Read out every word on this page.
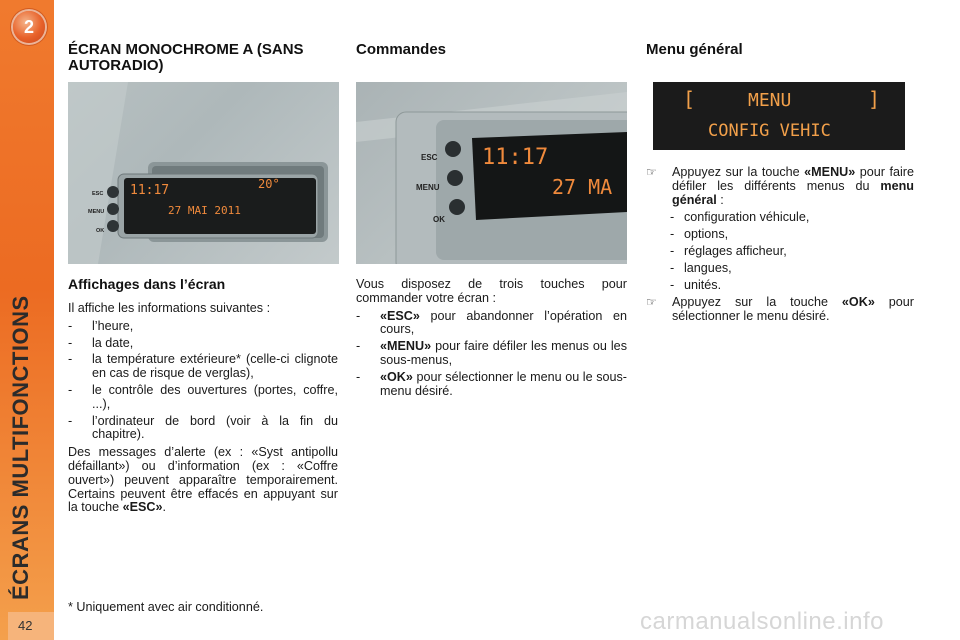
2
ÉCRANS MULTIFONCTIONS
42
ÉCRAN MONOCHROME A (SANS AUTORADIO)
ESC
MENU
OK
11:17	20°
27 MAI 2011
Affichages dans l’écran

Il affiche les informations suivantes :

- l’heure,
- la date,
- la température extérieure* (celle-ci clignote en cas de risque de verglas),
- le contrôle des ouvertures (portes, coffre, ...),
- l’ordinateur de bord (voir à la fin du chapitre).

Des messages d’alerte (ex : «Syst antipollu défaillant») ou d’information (ex : «Coffre ouvert») peuvent apparaître temporairement. Certains peuvent être effacés en appuyant sur la touche «ESC».

Commandes
ESC
MENU
OK
11:17
27 MA

Vous disposez de trois touches pour commander votre écran :

- «ESC» pour abandonner l’opération en cours,
- «MENU» pour faire défiler les menus ou les sous-menus,
- «OK» pour sélectionner le menu ou le sous-menu désiré.
Menu général
[	MENU	]
CONFIG VEHIC
☞ Appuyez sur la touche «MENU» pour faire défiler les différents menus du menu général :
- configuration véhicule,
- options,
- réglages afficheur,
- langues,
- unités.
☞ Appuyez sur la touche «OK» pour sélectionner le menu désiré.
* Uniquement avec air conditionné.
carmanualsonline.info
